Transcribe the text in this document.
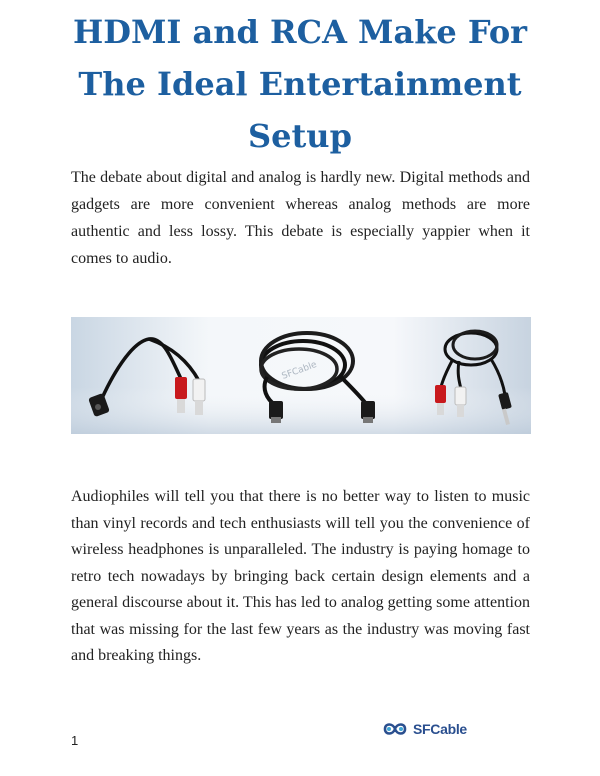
HDMI and RCA Make For The Ideal Entertainment Setup

The debate about digital and analog is hardly new. Digital methods and gadgets are more convenient whereas analog methods are more authentic and less lossy. This debate is especially yappier when it comes to audio.

SFCable

Audiophiles will tell you that there is no better way to listen to music than vinyl records and tech enthusiasts will tell you the convenience of wireless headphones is unparalleled. The industry is paying homage to retro tech nowadays by bringing back certain design elements and a general discourse about it. This has led to analog getting some attention that was missing for the last few years as the industry was moving fast and breaking things.

1
SFCable
